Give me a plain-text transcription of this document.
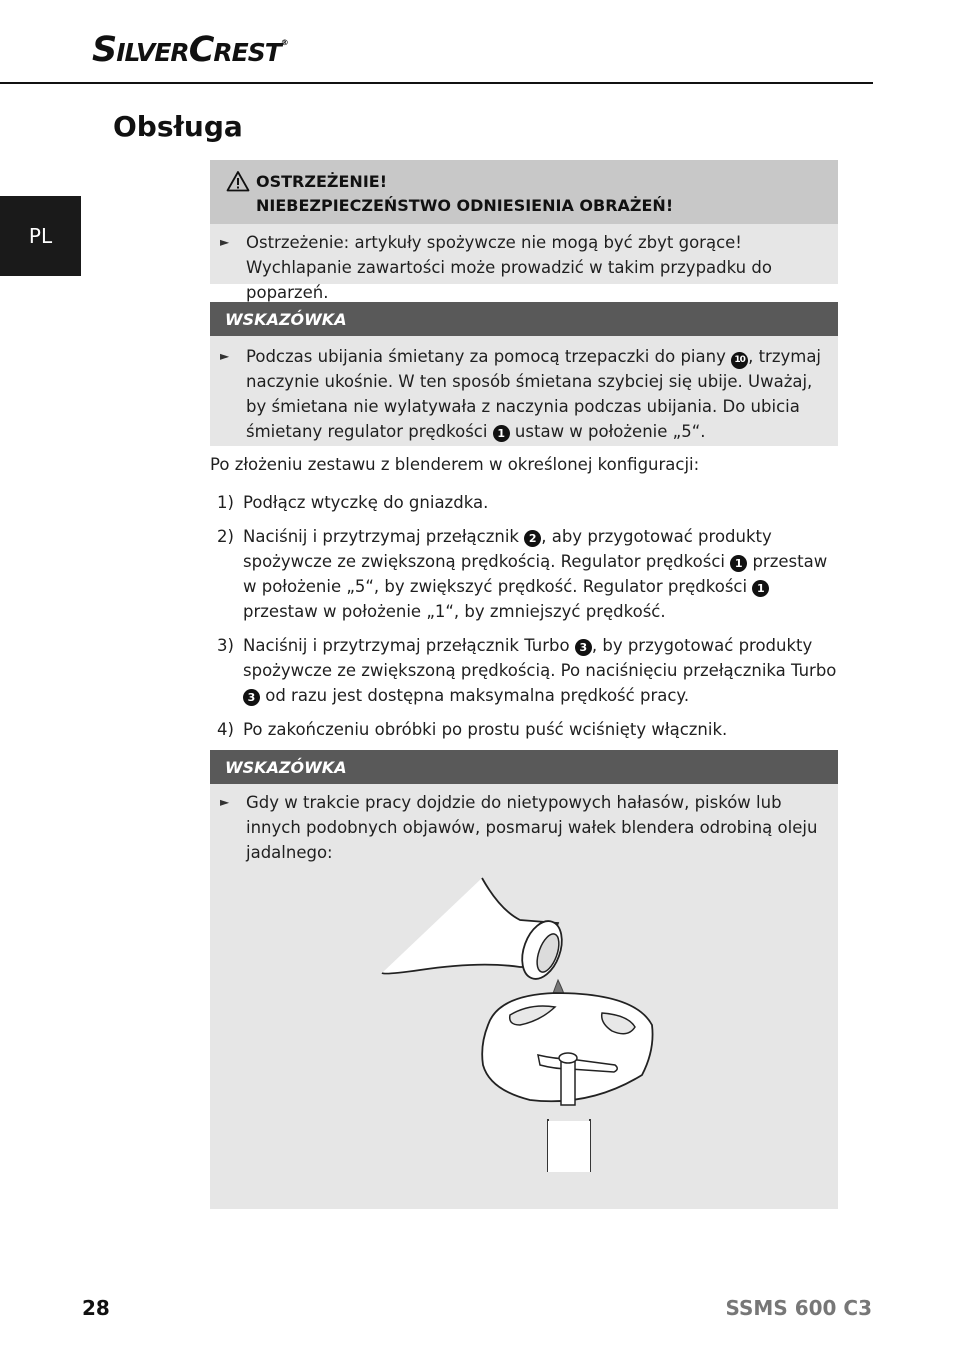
SILVERCREST®
Obsługa
PL
OSTRZEŻENIE!
NIEBEZPIECZEŃSTWO ODNIESIENIA OBRAŻEŃ!
► Ostrzeżenie: artykuły spożywcze nie mogą być zbyt gorące! Wychlapanie zawartości może prowadzić w takim przypadku do poparzeń.
WSKAZÓWKA
► Podczas ubijania śmietany za pomocą trzepaczki do piany 10 , trzymaj naczynie ukośnie. W ten sposób śmietana szybciej się ubije. Uważaj, by śmietana nie wylatywała z naczynia podczas ubijania. Do ubicia śmietany regulator prędkości 1 ustaw w położenie „5“.
Po złożeniu zestawu z blenderem w określonej konfiguracji:
1) Podłącz wtyczkę do gniazdka.
2) Naciśnij i przytrzymaj przełącznik 2 , aby przygotować produkty spożywcze ze zwiększoną prędkością. Regulator prędkości 1 przestaw w położenie „5“, by zwiększyć prędkość. Regulator prędkości 1 przestaw w położenie „1“, by zmniejszyć prędkość.
3) Naciśnij i przytrzymaj przełącznik Turbo 3 , by przygotować produkty spożywcze ze zwiększoną prędkością. Po naciśnięciu przełącznika Turbo 3 od razu jest dostępna maksymalna prędkość pracy.
4) Po zakończeniu obróbki po prostu puść wciśnięty włącznik.
WSKAZÓWKA
► Gdy w trakcie pracy dojdzie do nietypowych hałasów, pisków lub innych podobnych objawów, posmaruj wałek blendera odrobiną oleju jadalnego:
28	SSMS 600 C3
